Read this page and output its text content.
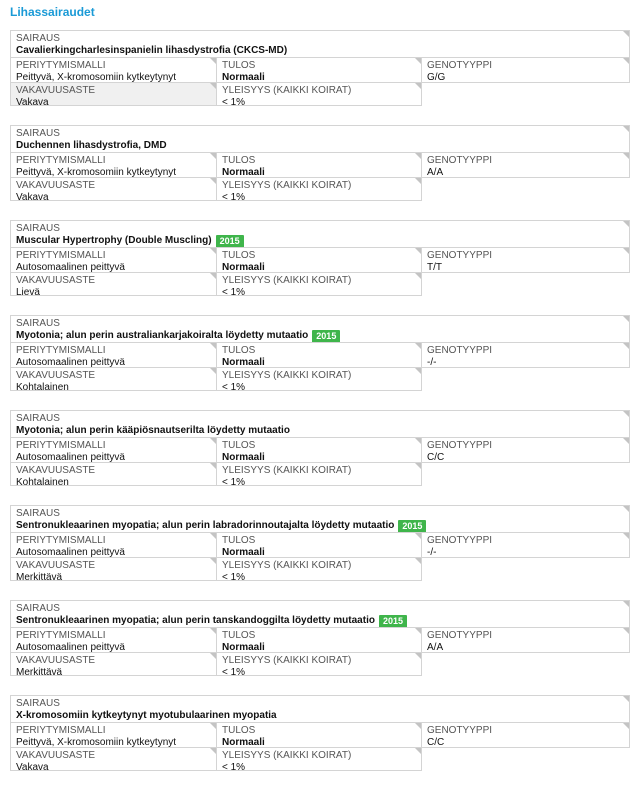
Lihassairaudet
SAIRAUS
Cavalierkingcharlesinspanielin lihasdystrofia (CKCS-MD)
PERIYTYMISMALLI
Peittyvä, X-kromosomiin kytkeytynyt
TULOS
Normaali
GENOTYYPPI
G/G
VAKAVUUSASTE
Vakava
YLEISYYS (KAIKKI KOIRAT)
< 1%
SAIRAUS
Duchennen lihasdystrofia, DMD
PERIYTYMISMALLI
Peittyvä, X-kromosomiin kytkeytynyt
TULOS
Normaali
GENOTYYPPI
A/A
VAKAVUUSASTE
Vakava
YLEISYYS (KAIKKI KOIRAT)
< 1%
SAIRAUS
Muscular Hypertrophy (Double Muscling) 2015
PERIYTYMISMALLI
Autosomaalinen peittyvä
TULOS
Normaali
GENOTYYPPI
T/T
VAKAVUUSASTE
Lievä
YLEISYYS (KAIKKI KOIRAT)
< 1%
SAIRAUS
Myotonia; alun perin australiankarjakoiralta löydetty mutaatio 2015
PERIYTYMISMALLI
Autosomaalinen peittyvä
TULOS
Normaali
GENOTYYPPI
-/-
VAKAVUUSASTE
Kohtalainen
YLEISYYS (KAIKKI KOIRAT)
< 1%
SAIRAUS
Myotonia; alun perin kääpiösnautserilta löydetty mutaatio
PERIYTYMISMALLI
Autosomaalinen peittyvä
TULOS
Normaali
GENOTYYPPI
C/C
VAKAVUUSASTE
Kohtalainen
YLEISYYS (KAIKKI KOIRAT)
< 1%
SAIRAUS
Sentronukleaarinen myopatia; alun perin labradorinnoutajalta löydetty mutaatio 2015
PERIYTYMISMALLI
Autosomaalinen peittyvä
TULOS
Normaali
GENOTYYPPI
-/-
VAKAVUUSASTE
Merkittävä
YLEISYYS (KAIKKI KOIRAT)
< 1%
SAIRAUS
Sentronukleaarinen myopatia; alun perin tanskandoggilta löydetty mutaatio 2015
PERIYTYMISMALLI
Autosomaalinen peittyvä
TULOS
Normaali
GENOTYYPPI
A/A
VAKAVUUSASTE
Merkittävä
YLEISYYS (KAIKKI KOIRAT)
< 1%
SAIRAUS
X-kromosomiin kytkeytynyt myotubulaarinen myopatia
PERIYTYMISMALLI
Peittyvä, X-kromosomiin kytkeytynyt
TULOS
Normaali
GENOTYYPPI
C/C
VAKAVUUSASTE
Vakava
YLEISYYS (KAIKKI KOIRAT)
< 1%
